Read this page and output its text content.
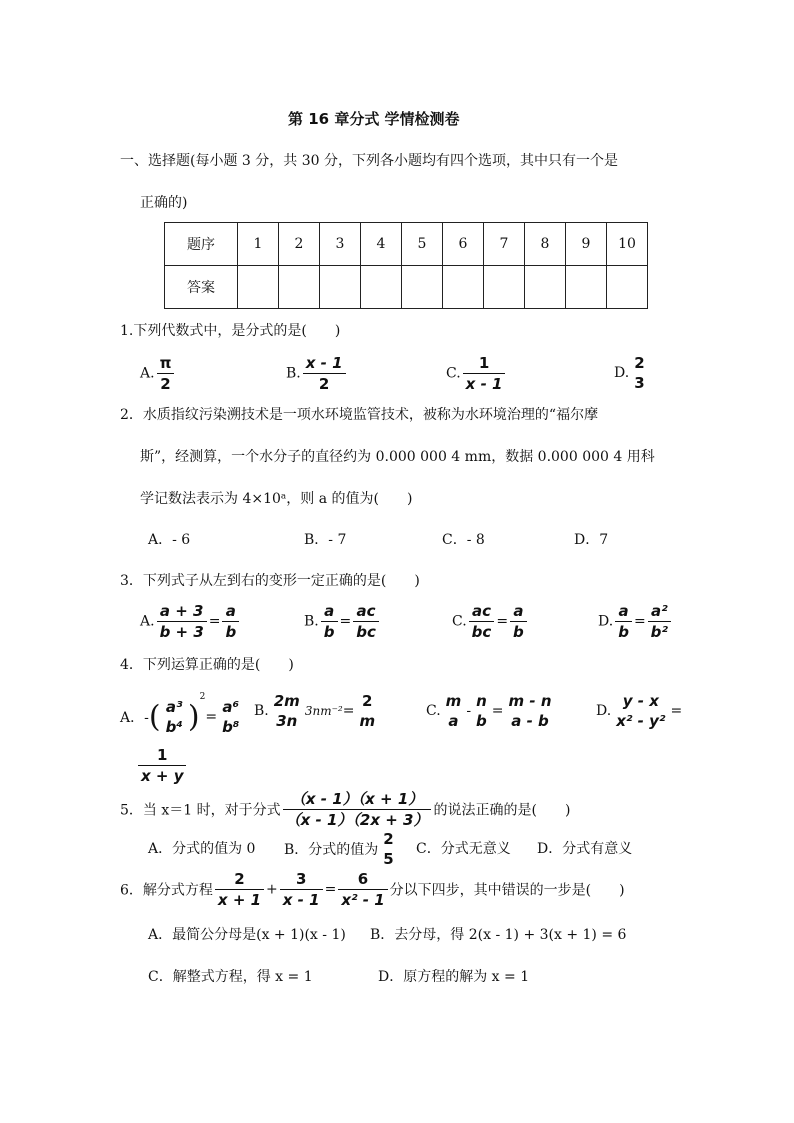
第 16 章分式 学情检测卷
一、选择题(每小题 3 分，共 30 分，下列各小题均有四个选项，其中只有一个是
正确的)
题序	1	2	3	4	5	6	7	8	9	10
答案										
1.下列代数式中，是分式的是(　　)
A. $\frac{\pi}{2}$	B. $\frac{x - 1}{2}$	C. $\frac{1}{x - 1}$	D.
2
3
2．水质指纹污染溯技术是一项水环境监管技术，被称为水环境治理的“福尔摩
斯”，经测算，一个水分子的直径约为 0.000 000 4 mm，数据 0.000 000 4 用科
学记数法表示为 4×10ᵃ，则 a 的值为(　　)
A．- 6	B．- 7	C．- 8	D．7
3．下列式子从左到右的变形一定正确的是(　　)
A. $\frac{a + 3}{b + 3} = \frac{a}{b}$	B. $\frac{a}{b} = \frac{ac}{bc}$	C. $\frac{ac}{bc} = \frac{a}{b}$	D. $\frac{a}{b} = \frac{\text{a²}}{\text{b²}}$
4．下列运算正确的是(　　)
A．-( a³
b⁴ )$^2$=
a⁶
b⁸
B.
2m
3n
3nm⁻²=
2
m
C.
m
a
-
n
b
=
m - n
a - b
D.
y - x
x² - y²
=
$\frac{1}{x + y}$
5．当 x＝1 时，对于分式 $\frac{(x - 1)(x + 1)}{(x - 1)(2x + 3)}$ 的说法正确的是(　　)
A．分式的值为 0 B．分式的值为
2
5
C．分式无意义 D．分式有意义
6．解分式方程 $\frac{2}{x + 1} + \frac{3}{x - 1} = \frac{6}{\text{x² - 1}}$ 分以下四步，其中错误的一步是(　　)
A．最简公分母是(x + 1)(x - 1) B．去分母，得 2(x - 1) + 3(x + 1) = 6
C．解整式方程，得 x = 1	D．原方程的解为 x = 1
